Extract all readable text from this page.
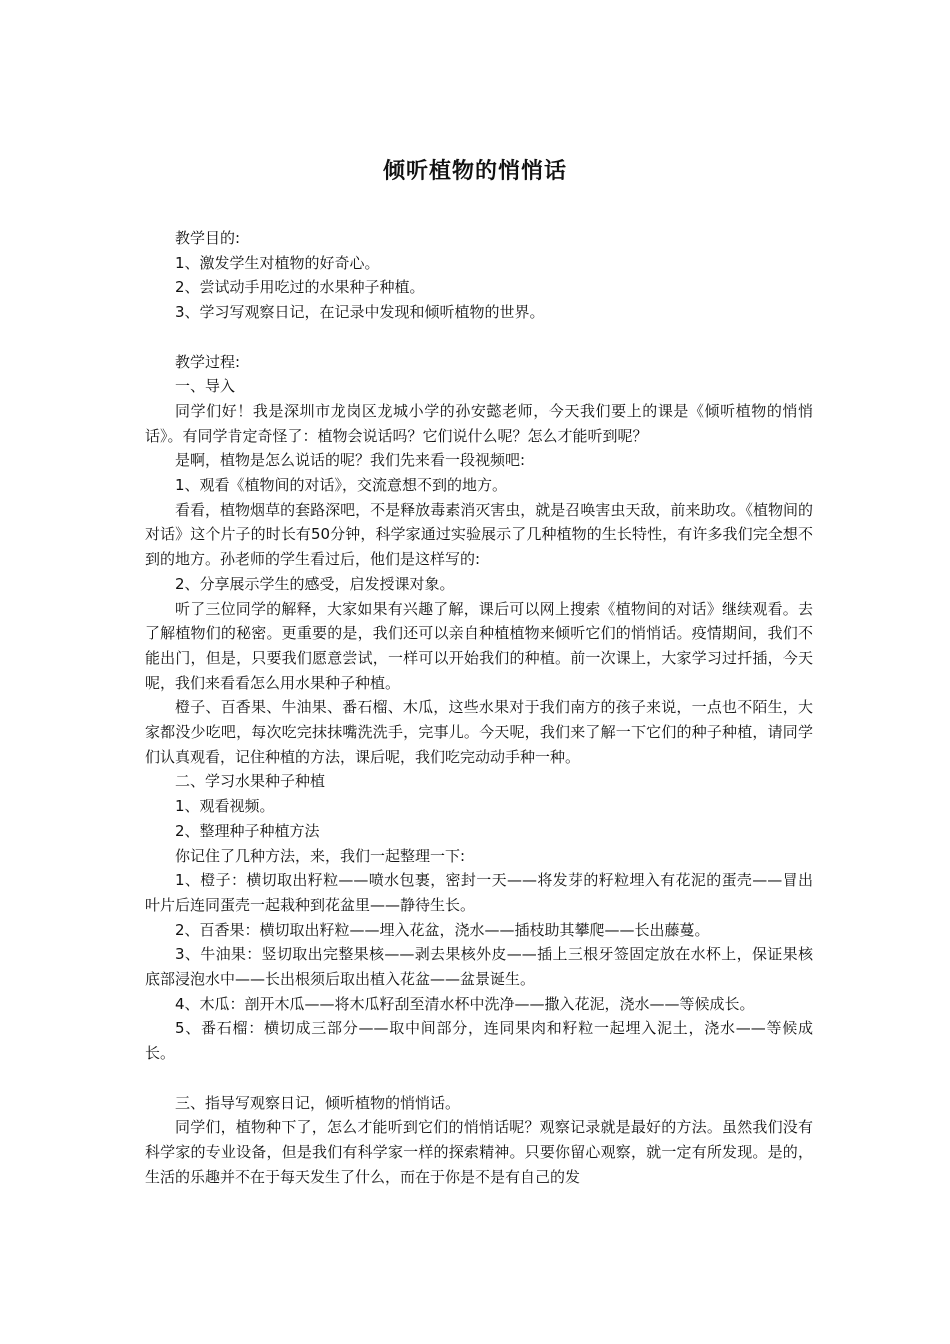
倾听植物的悄悄话

教学目的:

1、激发学生对植物的好奇心。

2、尝试动手用吃过的水果种子种植。

3、学习写观察日记，在记录中发现和倾听植物的世界。

教学过程:

一、导入

同学们好！我是深圳市龙岗区龙城小学的孙安懿老师，今天我们要上的课是《倾听植物的悄悄话》。有同学肯定奇怪了：植物会说话吗？它们说什么呢？怎么才能听到呢？

是啊，植物是怎么说话的呢？我们先来看一段视频吧:

1、观看《植物间的对话》，交流意想不到的地方。

看看，植物烟草的套路深吧，不是释放毒素消灭害虫，就是召唤害虫天敌，前来助攻。《植物间的对话》这个片子的时长有50分钟，科学家通过实验展示了几种植物的生长特性，有许多我们完全想不到的地方。孙老师的学生看过后，他们是这样写的:

2、分享展示学生的感受，启发授课对象。

听了三位同学的解释，大家如果有兴趣了解，课后可以网上搜索《植物间的对话》继续观看。去了解植物们的秘密。更重要的是，我们还可以亲自种植植物来倾听它们的悄悄话。疫情期间，我们不能出门，但是，只要我们愿意尝试，一样可以开始我们的种植。前一次课上，大家学习过扦插，今天呢，我们来看看怎么用水果种子种植。

橙子、百香果、牛油果、番石榴、木瓜，这些水果对于我们南方的孩子来说，一点也不陌生，大家都没少吃吧，每次吃完抹抹嘴洗洗手，完事儿。今天呢，我们来了解一下它们的种子种植，请同学们认真观看，记住种植的方法，课后呢，我们吃完动动手种一种。

二、学习水果种子种植

1、观看视频。

2、整理种子种植方法

你记住了几种方法，来，我们一起整理一下:

1、橙子：横切取出籽粒——喷水包裹，密封一天——将发芽的籽粒埋入有花泥的蛋壳——冒出叶片后连同蛋壳一起栽种到花盆里——静待生长。

2、百香果：横切取出籽粒——埋入花盆，浇水——插枝助其攀爬——长出藤蔓。

3、牛油果：竖切取出完整果核——剥去果核外皮——插上三根牙签固定放在水杯上，保证果核底部浸泡水中——长出根须后取出植入花盆——盆景诞生。

4、木瓜：剖开木瓜——将木瓜籽刮至清水杯中洗净——撒入花泥，浇水——等候成长。

5、番石榴：横切成三部分——取中间部分，连同果肉和籽粒一起埋入泥土，浇水——等候成长。

三、指导写观察日记，倾听植物的悄悄话。

同学们，植物种下了，怎么才能听到它们的悄悄话呢？观察记录就是最好的方法。虽然我们没有科学家的专业设备，但是我们有科学家一样的探索精神。只要你留心观察，就一定有所发现。是的，生活的乐趣并不在于每天发生了什么，而在于你是不是有自己的发
